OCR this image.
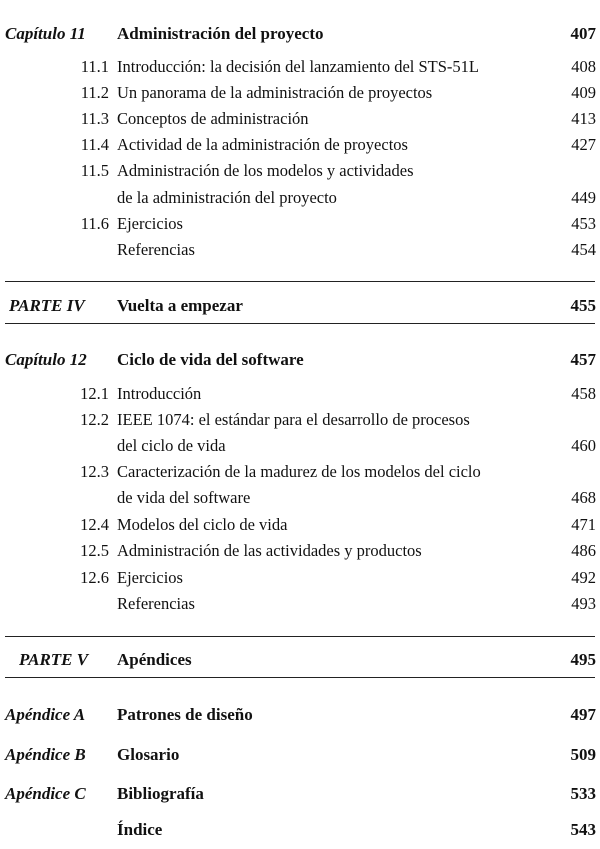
Capítulo 11 Administración del proyecto	407
11.1 Introducción: la decisión del lanzamiento del STS-51L	408
11.2 Un panorama de la administración de proyectos	409
11.3 Conceptos de administración	413
11.4 Actividad de la administración de proyectos	427
11.5 Administración de los modelos y actividades
de la administración del proyecto	449
11.6 Ejercicios	453
Referencias	454
PARTE IV Vuelta a empezar	455
Capítulo 12 Ciclo de vida del software	457
12.1 Introducción	458
12.2 IEEE 1074: el estándar para el desarrollo de procesos
del ciclo de vida	460
12.3 Caracterización de la madurez de los modelos del ciclo
de vida del software	468
12.4 Modelos del ciclo de vida	471
12.5 Administración de las actividades y productos	486
12.6 Ejercicios	492
Referencias	493
PARTE V Apéndices	495
Apéndice A Patrones de diseño	497
Apéndice B Glosario	509
Apéndice C Bibliografía	533
Índice	543
